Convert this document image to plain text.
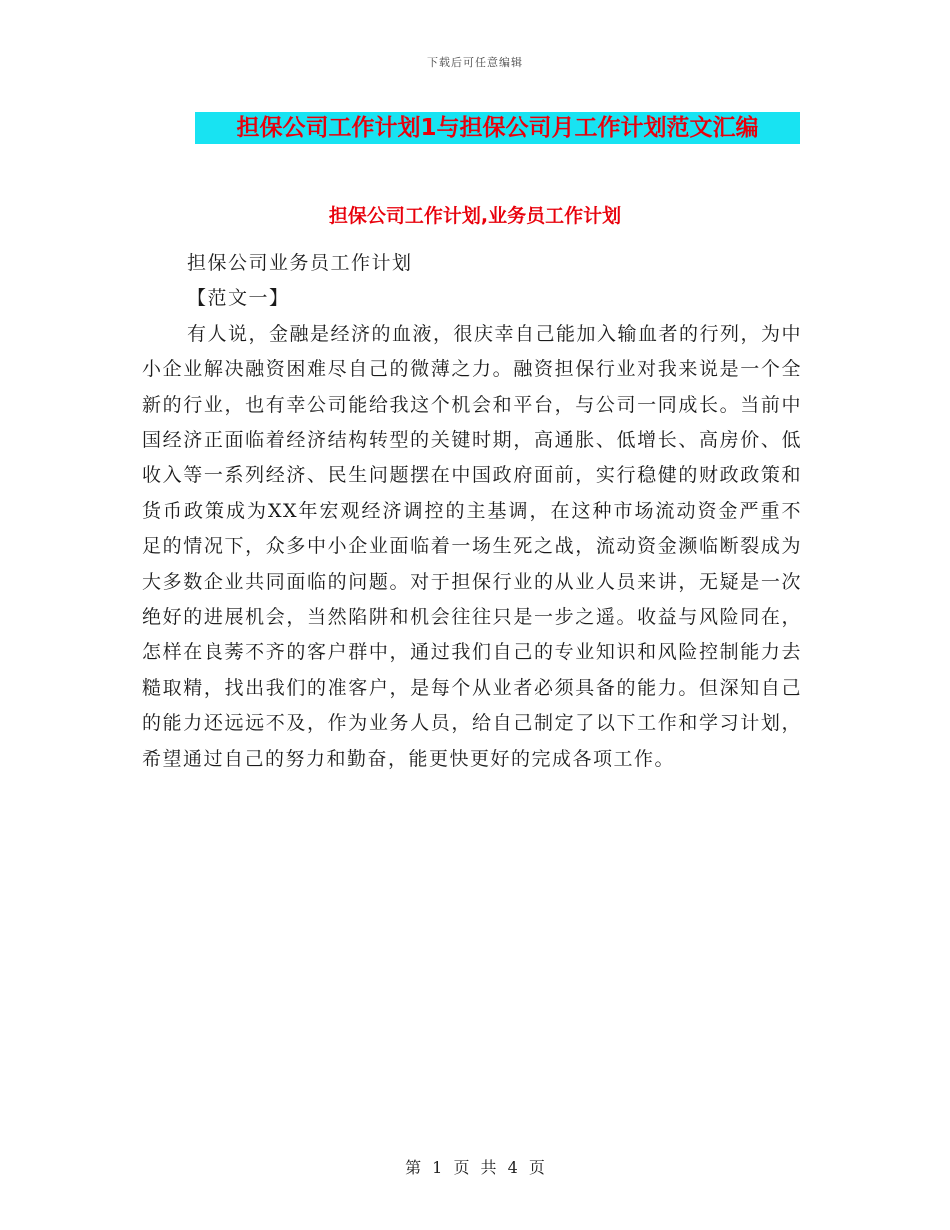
下载后可任意编辑
担保公司工作计划1与担保公司月工作计划范文汇编
担保公司工作计划,业务员工作计划

担保公司业务员工作计划

【范文一】

有人说，金融是经济的血液，很庆幸自己能加入输血者的行列，为中小企业解决融资困难尽自己的微薄之力。融资担保行业对我来说是一个全新的行业，也有幸公司能给我这个机会和平台，与公司一同成长。当前中国经济正面临着经济结构转型的关键时期，高通胀、低增长、高房价、低收入等一系列经济、民生问题摆在中国政府面前，实行稳健的财政政策和货币政策成为XX年宏观经济调控的主基调，在这种市场流动资金严重不足的情况下，众多中小企业面临着一场生死之战，流动资金濒临断裂成为大多数企业共同面临的问题。对于担保行业的从业人员来讲，无疑是一次绝好的进展机会，当然陷阱和机会往往只是一步之遥。收益与风险同在，怎样在良莠不齐的客户群中，通过我们自己的专业知识和风险控制能力去糙取精，找出我们的准客户，是每个从业者必须具备的能力。但深知自己的能力还远远不及，作为业务人员，给自己制定了以下工作和学习计划，希望通过自己的努力和勤奋，能更快更好的完成各项工作。

第 1 页 共 4 页
